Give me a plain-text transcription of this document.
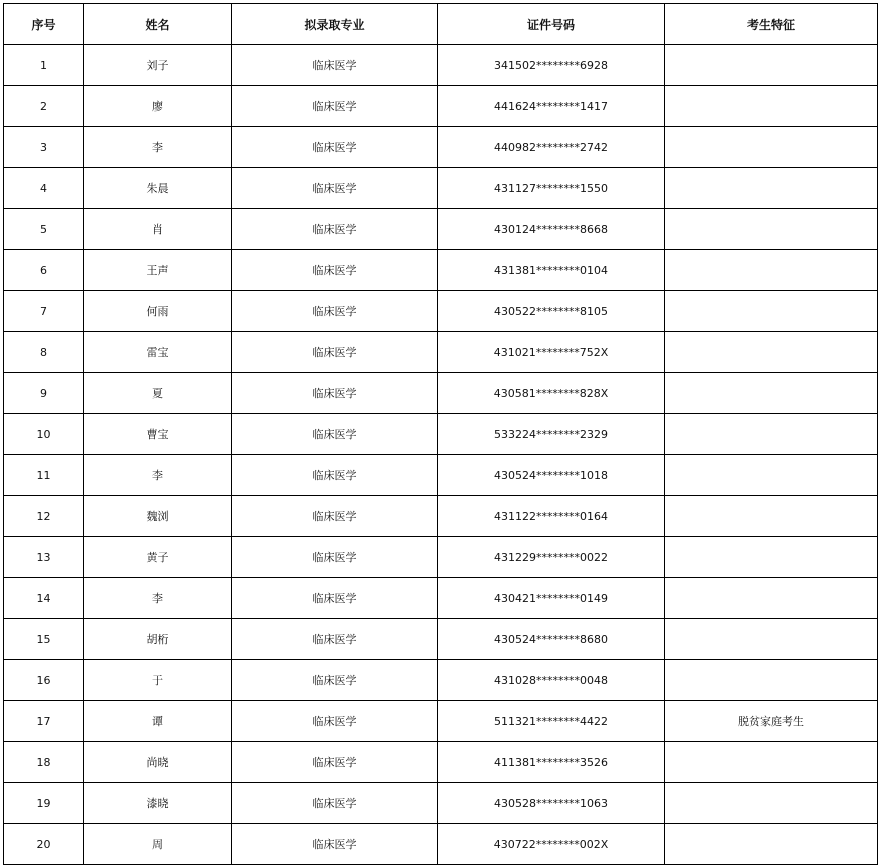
序号	姓名	拟录取专业	证件号码	考生特征
1	刘子	临床医学	341502********6928	
2	廖	临床医学	441624********1417	
3	李	临床医学	440982********2742	
4	朱晨	临床医学	431127********1550	
5	肖	临床医学	430124********8668	
6	王声	临床医学	431381********0104	
7	何雨	临床医学	430522********8105	
8	雷宝	临床医学	431021********752X	
9	夏	临床医学	430581********828X	
10	曹宝	临床医学	533224********2329	
11	李	临床医学	430524********1018	
12	魏浏	临床医学	431122********0164	
13	黄子	临床医学	431229********0022	
14	李	临床医学	430421********0149	
15	胡桁	临床医学	430524********8680	
16	于	临床医学	431028********0048	
17	谭	临床医学	511321********4422	脱贫家庭考生
18	尚晓	临床医学	411381********3526	
19	漆晓	临床医学	430528********1063	
20	周	临床医学	430722********002X	
